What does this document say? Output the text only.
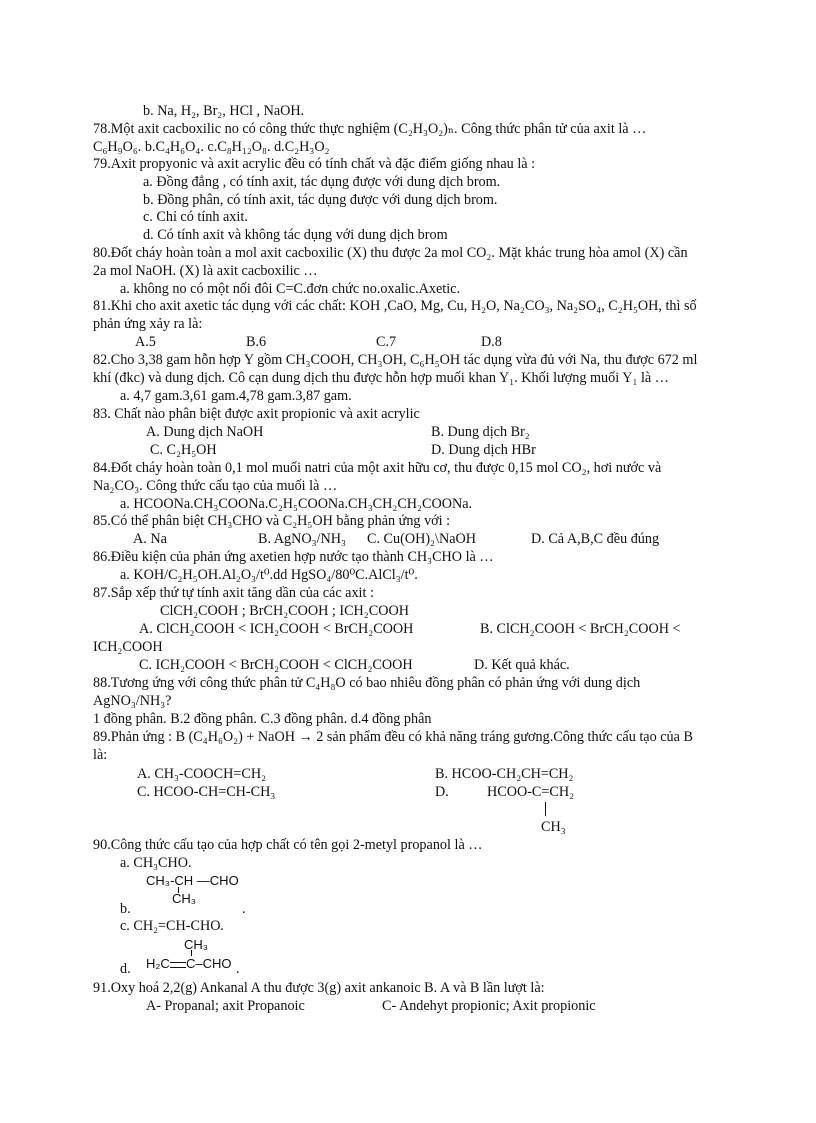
b. Na, H₂, Br₂, HCl , NaOH.
78.Một axit cacboxilic no có công thức thực nghiệm (C₂H₃O₂)ₙ. Công thức phân tử của axit là …
C₆H₉O₆. b.C₄H₆O₄. c.C₈H₁₂O₈. d.C₂H₃O₂
79.Axit propyonic và axit acrylic đều có tính chất và đặc điểm giống nhau là :
a. Đồng đẳng , có tính axit, tác dụng được với dung dịch brom.
b. Đồng phân, có tính axit, tác dụng được với dung dịch brom.
c. Chỉ có tính axit.
d. Có tính axit và không tác dụng với dung dịch brom
80.Đốt cháy hoàn toàn a mol axit cacboxilic (X) thu được 2a mol CO₂. Mặt khác trung hòa amol (X) cần
2a mol NaOH. (X) là axit cacboxilic …
a. không no có một nối đôi C=C.đơn chức no.oxalic.Axetic.
81.Khi cho axit axetic tác dụng với các chất: KOH ,CaO, Mg, Cu, H₂O, Na₂CO₃, Na₂SO₄, C₂H₅OH, thì số
phản ứng xảy ra là:
A.5	B.6	C.7	D.8
82.Cho 3,38 gam hỗn hợp Y gồm CH₃COOH, CH₃OH, C₆H₅OH tác dụng vừa đủ với Na, thu được 672 ml
khí (đkc) và dung dịch. Cô cạn dung dịch thu được hỗn hợp muối khan Y₁. Khối lượng muối Y₁ là …
a. 4,7 gam.3,61 gam.4,78 gam.3,87 gam.
83. Chất nào phân biệt được axit propionic và axit acrylic
A. Dung dịch NaOH	B. Dung dịch Br₂
C. C₂H₅OH	D. Dung dịch HBr
84.Đốt cháy hoàn toàn 0,1 mol muối natri của một axit hữu cơ, thu được 0,15 mol CO₂, hơi nước và
Na₂CO₃. Công thức cấu tạo của muối là …
a. HCOONa.CH₃COONa.C₂H₅COONa.CH₃CH₂CH₂COONa.
85.Có thể phân biệt CH₃CHO và C₂H₅OH bằng phản ứng với :
A. Na	B. AgNO₃/NH₃ C. Cu(OH)₂\NaOH	D. Cả A,B,C đều đúng
86.Điều kiện của phản ứng axetien hợp nước tạo thành CH₃CHO là …
a. KOH/C₂H₅OH.Al₂O₃/t⁰.dd HgSO₄/80⁰C.AlCl₃/t⁰.
87.Sắp xếp thứ tự tính axit tăng dần của các axit :
ClCH₂COOH ; BrCH₂COOH ; ICH₂COOH
A. ClCH₂COOH < ICH₂COOH < BrCH₂COOH	B. ClCH₂COOH < BrCH₂COOH <
ICH₂COOH
C. ICH₂COOH < BrCH₂COOH < ClCH₂COOH	D. Kết quả khác.
88.Tương ứng với công thức phân tử C₄H₈O có bao nhiêu đồng phân có phản ứng với dung dịch
AgNO₃/NH₃?
1 đồng phân. B.2 đồng phân. C.3 đồng phân. d.4 đồng phân
89.Phản ứng : B (C₄H₆O₂) + NaOH → 2 sản phẩm đều có khả năng tráng gương.Công thức cấu tạo của B
là:
A. CH₃-COOCH=CH₂	B. HCOO-CH₂CH=CH₂
C. HCOO-CH=CH-CH₃	D.	HCOO-C=CH₂
CH₃
90.Công thức cấu tạo của hợp chất có tên gọi 2-metyl propanol là …
a. CH₃CHO.
CH₃-CH —CHO
CH₃
b.	.
c. CH₂=CH-CHO.
CH₃
d. H₂C C–CHO .
91.Oxy hoá 2,2(g) Ankanal A thu được 3(g) axit ankanoic B. A và B lần lượt là:
A- Propanal; axit Propanoic	C- Andehyt propionic; Axit propionic
